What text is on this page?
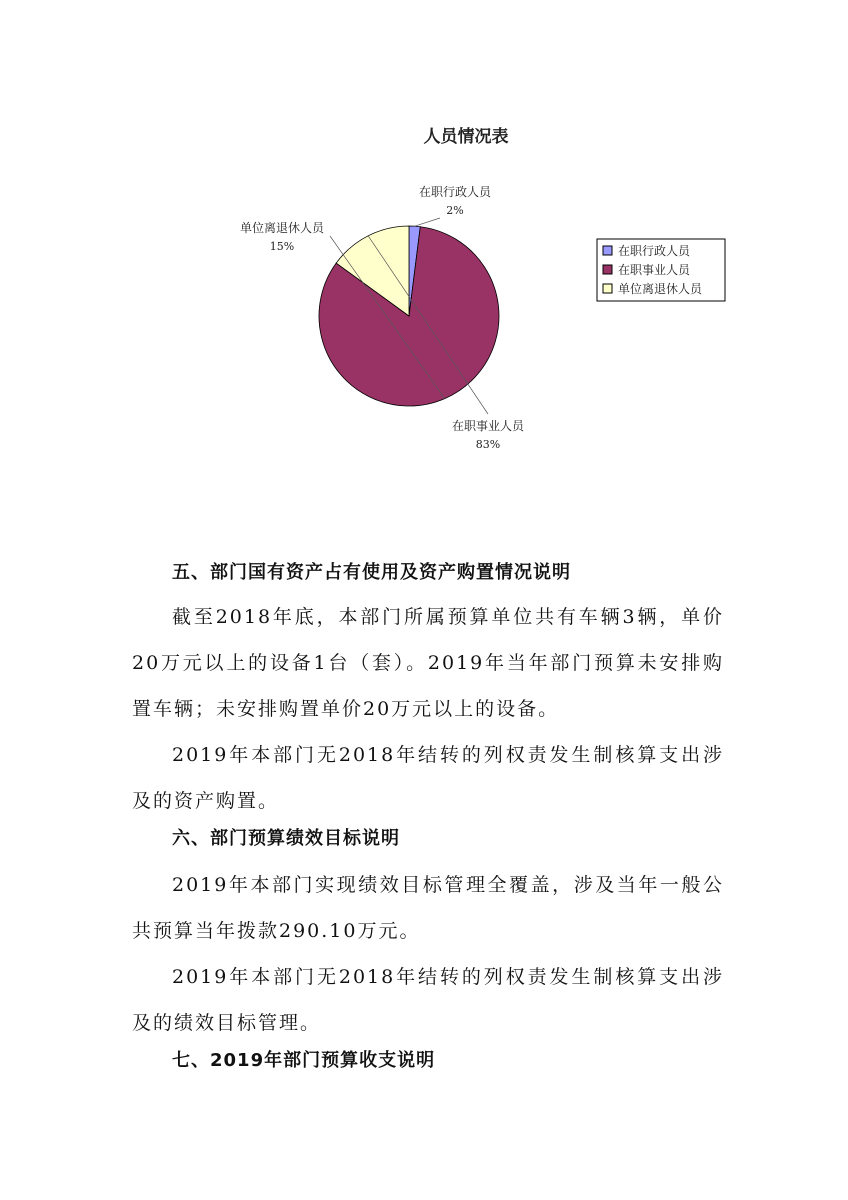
人员情况表
在职行政人员
2%
单位离退休人员
15%
在职事业人员
83%
在职行政人员
在职事业人员
单位离退休人员
五、部门国有资产占有使用及资产购置情况说明
截至2018年底，本部门所属预算单位共有车辆3辆，单价20万元以上的设备1台（套）。2019年当年部门预算未安排购置车辆；未安排购置单价20万元以上的设备。
2019年本部门无2018年结转的列权责发生制核算支出涉及的资产购置。
六、部门预算绩效目标说明
2019年本部门实现绩效目标管理全覆盖，涉及当年一般公共预算当年拨款290.10万元。
2019年本部门无2018年结转的列权责发生制核算支出涉及的绩效目标管理。
七、2019年部门预算收支说明
